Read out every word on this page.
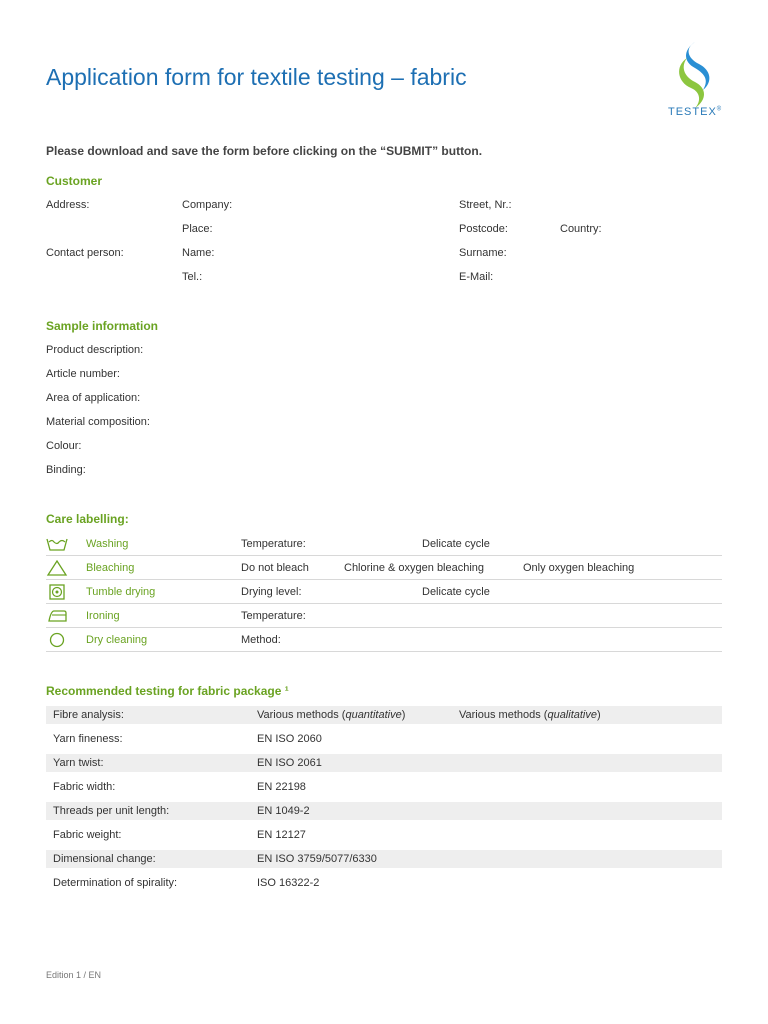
Application form for textile testing – fabric
TESTEX®
Please download and save the form before clicking on the “SUBMIT” button.
Customer
Address:	Company:	Street, Nr.:
Place:	Postcode:	Country:
Contact person:	Name:	Surname:
Tel.:	E-Mail:
Sample information
Product description:
Article number:
Area of application:
Material composition:
Colour:
Binding:
Care labelling:
Washing	Temperature:	Delicate cycle
Bleaching	Do not bleach	Chlorine & oxygen bleaching	Only oxygen bleaching
Tumble drying	Drying level:	Delicate cycle
Ironing	Temperature:
Dry cleaning	Method:
Recommended testing for fabric package ¹
Fibre analysis:	Various methods (quantitative)	Various methods (qualitative)
Yarn fineness:	EN ISO 2060
Yarn twist:	EN ISO 2061
Fabric width:	EN 22198
Threads per unit length:	EN 1049-2
Fabric weight:	EN 12127
Dimensional change:	EN ISO 3759/5077/6330
Determination of spirality:	ISO 16322-2
Edition 1 / EN
